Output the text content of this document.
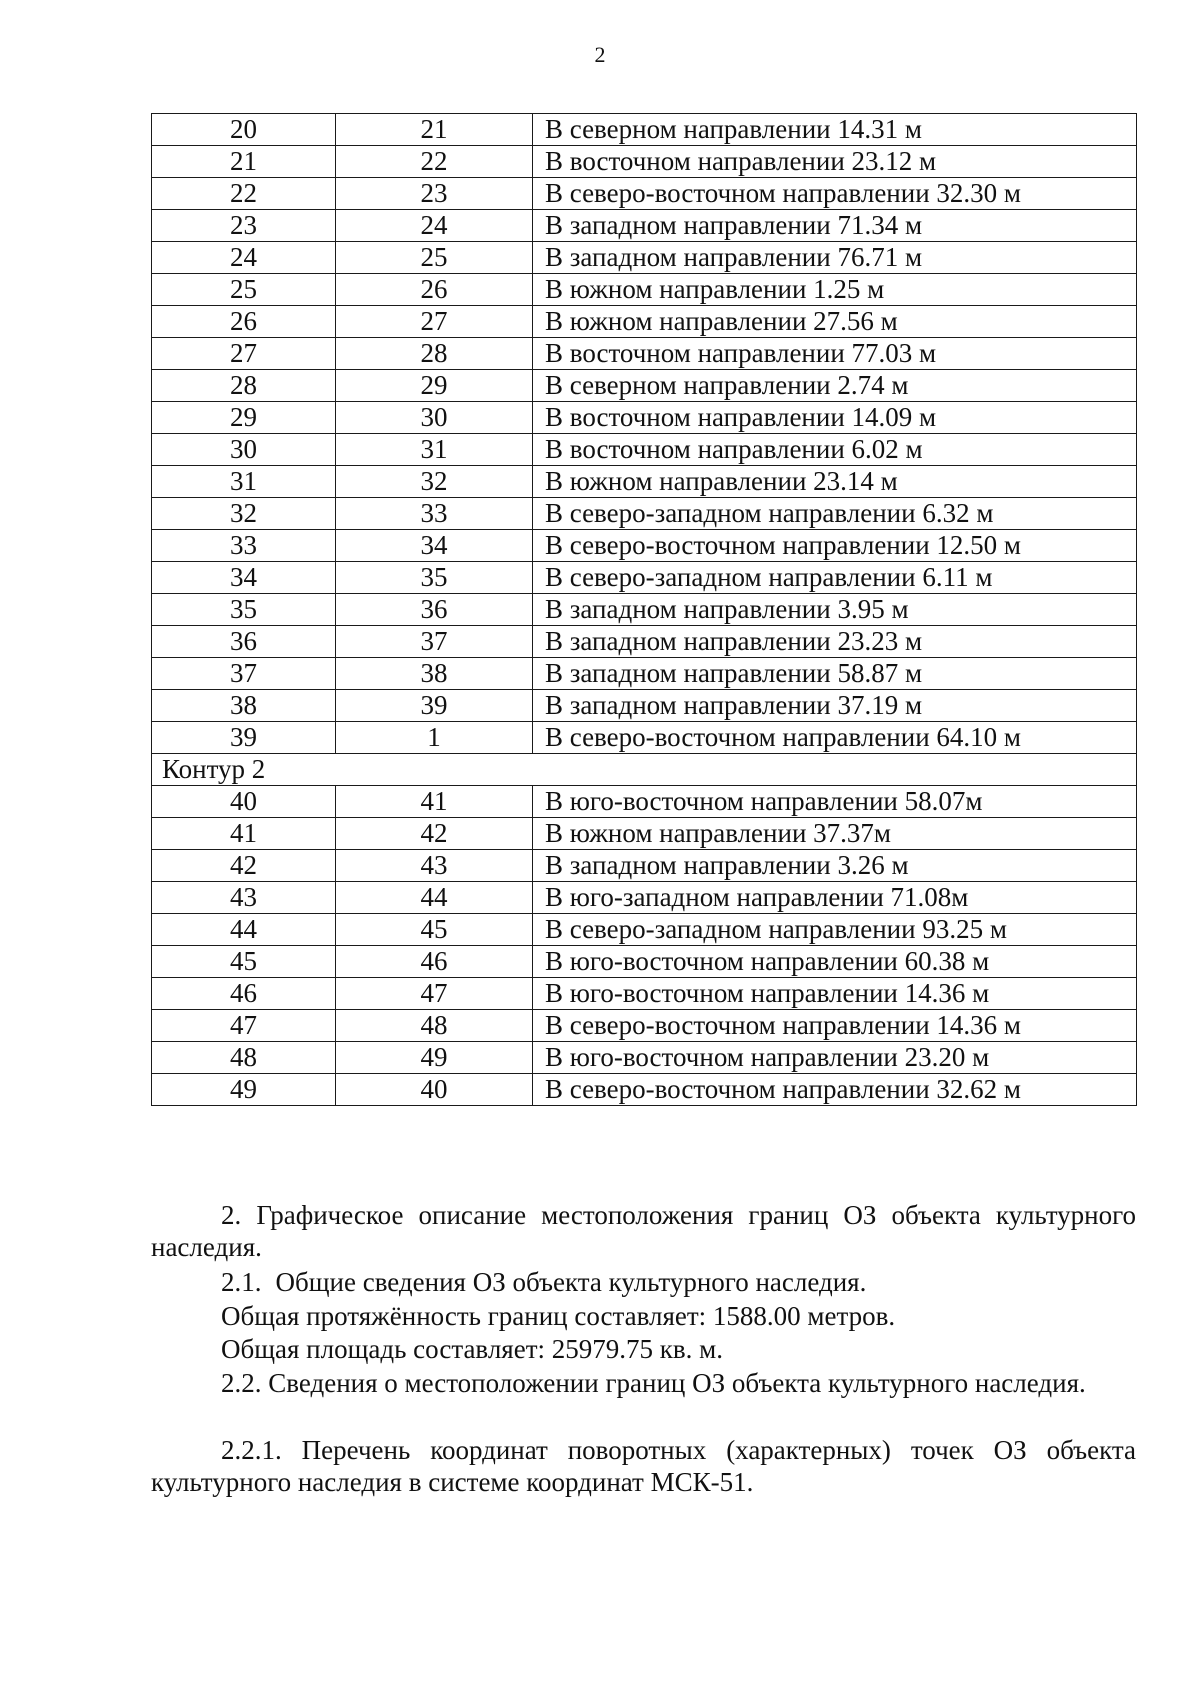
2
20	21	В северном направлении 14.31 м
21	22	В восточном направлении 23.12 м
22	23	В северо-восточном направлении 32.30 м
23	24	В западном направлении 71.34 м
24	25	В западном направлении 76.71 м
25	26	В южном направлении 1.25 м
26	27	В южном направлении 27.56 м
27	28	В восточном направлении 77.03 м
28	29	В северном направлении 2.74 м
29	30	В восточном направлении 14.09 м
30	31	В восточном направлении 6.02 м
31	32	В южном направлении 23.14 м
32	33	В северо-западном направлении 6.32 м
33	34	В северо-восточном направлении 12.50 м
34	35	В северо-западном направлении 6.11 м
35	36	В западном направлении 3.95 м
36	37	В западном направлении 23.23 м
37	38	В западном направлении 58.87 м
38	39	В западном направлении 37.19 м
39	1	В северо-восточном направлении 64.10 м
Контур 2		
40	41	В юго-восточном направлении 58.07м
41	42	В южном направлении 37.37м
42	43	В западном направлении 3.26 м
43	44	В юго-западном направлении 71.08м
44	45	В северо-западном направлении 93.25 м
45	46	В юго-восточном направлении 60.38 м
46	47	В юго-восточном направлении 14.36 м
47	48	В северо-восточном направлении 14.36 м
48	49	В юго-восточном направлении 23.20 м
49	40	В северо-восточном направлении 32.62 м
2. Графическое описание местоположения границ ОЗ объекта культурного наследия.
2.1. Общие сведения ОЗ объекта культурного наследия.
Общая протяжённость границ составляет: 1588.00 метров.
Общая площадь составляет: 25979.75 кв. м.
2.2. Сведения о местоположении границ ОЗ объекта культурного наследия.
2.2.1. Перечень координат поворотных (характерных) точек ОЗ объекта культурного наследия в системе координат МСК-51.
